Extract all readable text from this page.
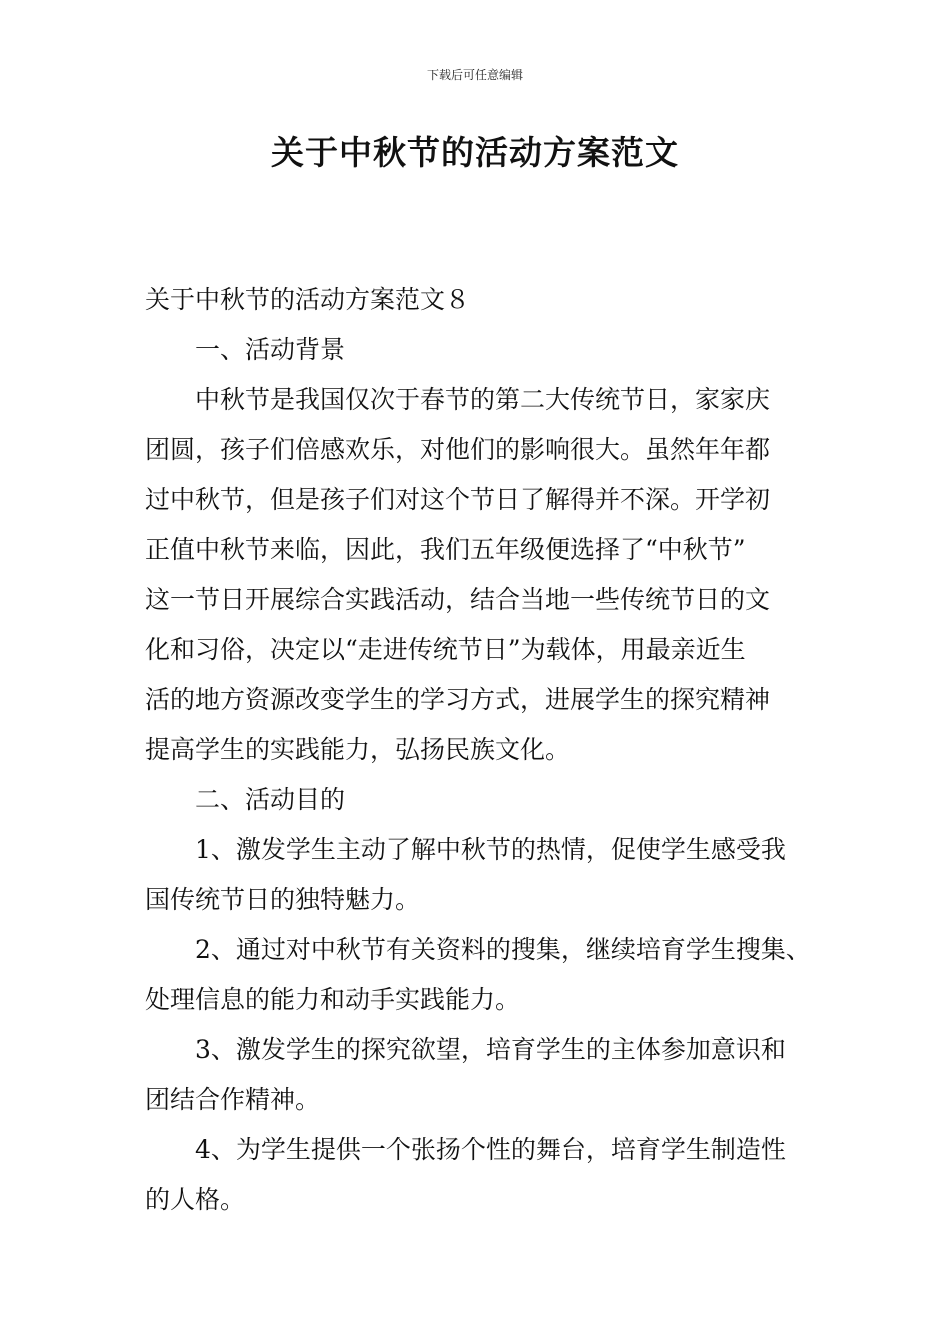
下载后可任意编辑
关于中秋节的活动方案范文
关于中秋节的活动方案范文８
一、活动背景
中秋节是我国仅次于春节的第二大传统节日，家家庆
团圆，孩子们倍感欢乐，对他们的影响很大。虽然年年都
过中秋节，但是孩子们对这个节日了解得并不深。开学初
正值中秋节来临，因此，我们五年级便选择了“中秋节”
这一节日开展综合实践活动，结合当地一些传统节日的文
化和习俗，决定以“走进传统节日”为载体，用最亲近生
活的地方资源改变学生的学习方式，进展学生的探究精神
提高学生的实践能力，弘扬民族文化。
二、活动目的
1、激发学生主动了解中秋节的热情，促使学生感受我
国传统节日的独特魅力。
2、通过对中秋节有关资料的搜集，继续培育学生搜集、
处理信息的能力和动手实践能力。
3、激发学生的探究欲望，培育学生的主体参加意识和
团结合作精神。
4、为学生提供一个张扬个性的舞台，培育学生制造性
的人格。
